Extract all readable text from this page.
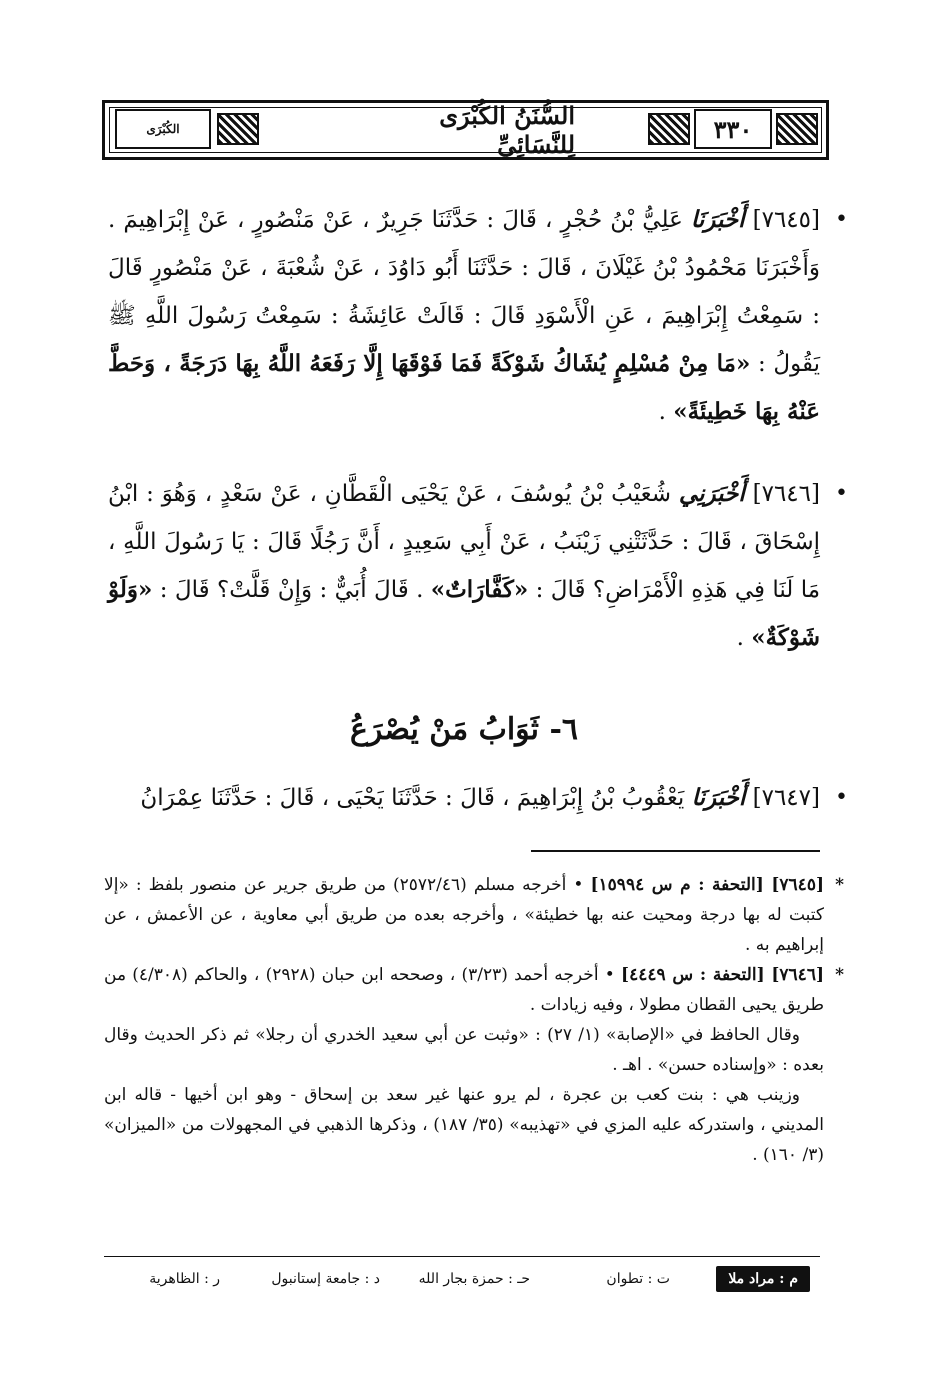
٣٣٠
السُّنَنُ الكُبْرَى لِلنَّسَائِيِّ
الكُبْرَى

•
[٧٦٤٥] أَخْبَرَنَا عَلِيُّ بْنُ حُجْرٍ ، قَالَ : حَدَّثَنَا جَرِيرٌ ، عَنْ مَنْصُورٍ ، عَنْ إِبْرَاهِيمَ . وَأَخْبَرَنَا مَحْمُودُ بْنُ غَيْلَانَ ، قَالَ : حَدَّثَنَا أَبُو دَاوُدَ ، عَنْ شُعْبَةَ ، عَنْ مَنْصُورٍ قَالَ : سَمِعْتُ إِبْرَاهِيمَ ، عَنِ الْأَسْوَدِ قَالَ : قَالَتْ عَائِشَةُ : سَمِعْتُ رَسُولَ اللَّهِ ﷺ يَقُولُ : «مَا مِنْ مُسْلِمٍ يُشَاكُ شَوْكَةً فَمَا فَوْقَهَا إِلَّا رَفَعَهُ اللَّهُ بِهَا دَرَجَةً ، وَحَطَّ عَنْهُ بِهَا خَطِيئَةً» .

•
[٧٦٤٦] أَخْبَرَنِي شُعَيْبُ بْنُ يُوسُفَ ، عَنْ يَحْيَى الْقَطَّانِ ، عَنْ سَعْدٍ ، وَهُوَ : ابْنُ إِسْحَاقَ ، قَالَ : حَدَّثَتْنِي زَيْنَبُ ، عَنْ أَبِي سَعِيدٍ ، أَنَّ رَجُلًا قَالَ : يَا رَسُولَ اللَّهِ ، مَا لَنَا فِي هَذِهِ الْأَمْرَاضِ؟ قَالَ : «كَفَّارَاتٌ» . قَالَ أُبَيٌّ : وَإِنْ قَلَّتْ؟ قَالَ : «وَلَوْ شَوْكَةٌ» .

٦- ثَوَابُ مَنْ يُصْرَعُ

•
[٧٦٤٧] أَخْبَرَنَا يَعْقُوبُ بْنُ إِبْرَاهِيمَ ، قَالَ : حَدَّثَنَا يَحْيَى ، قَالَ : حَدَّثَنَا عِمْرَانُ

*
[٧٦٤٥] [التحفة : م س ١٥٩٩٤] • أخرجه مسلم (٢٥٧٢/٤٦) من طريق جرير عن منصور بلفظ : «إلا كتبت له بها درجة ومحيت عنه بها خطيئة» ، وأخرجه بعده من طريق أبي معاوية ، عن الأعمش ، عن إبراهيم به .

*
[٧٦٤٦] [التحفة : س ٤٤٤٩] • أخرجه أحمد (٣/٢٣) ، وصححه ابن حبان (٢٩٢٨) ، والحاكم (٤/٣٠٨) من طريق يحيى القطان مطولا ، وفيه زيادات .

وقال الحافظ في «الإصابة» (١/ ٢٧) : «وثبت عن أبي سعيد الخدري أن رجلا» ثم ذكر الحديث وقال بعده : «وإسناده حسن» . اهـ .

وزينب هي : بنت كعب بن عجرة ، لم يرو عنها غير سعد بن إسحاق - وهو ابن أخيها - قاله ابن المديني ، واستدركه عليه المزي في «تهذيبه» (٣٥/ ١٨٧) ، وذكرها الذهبي في المجهولات من «الميزان» (٣/ ١٦٠) .

م : مراد ملا
ت : تطوان
حـ : حمزة بجار الله
د : جامعة إستانبول
ر : الظاهرية
